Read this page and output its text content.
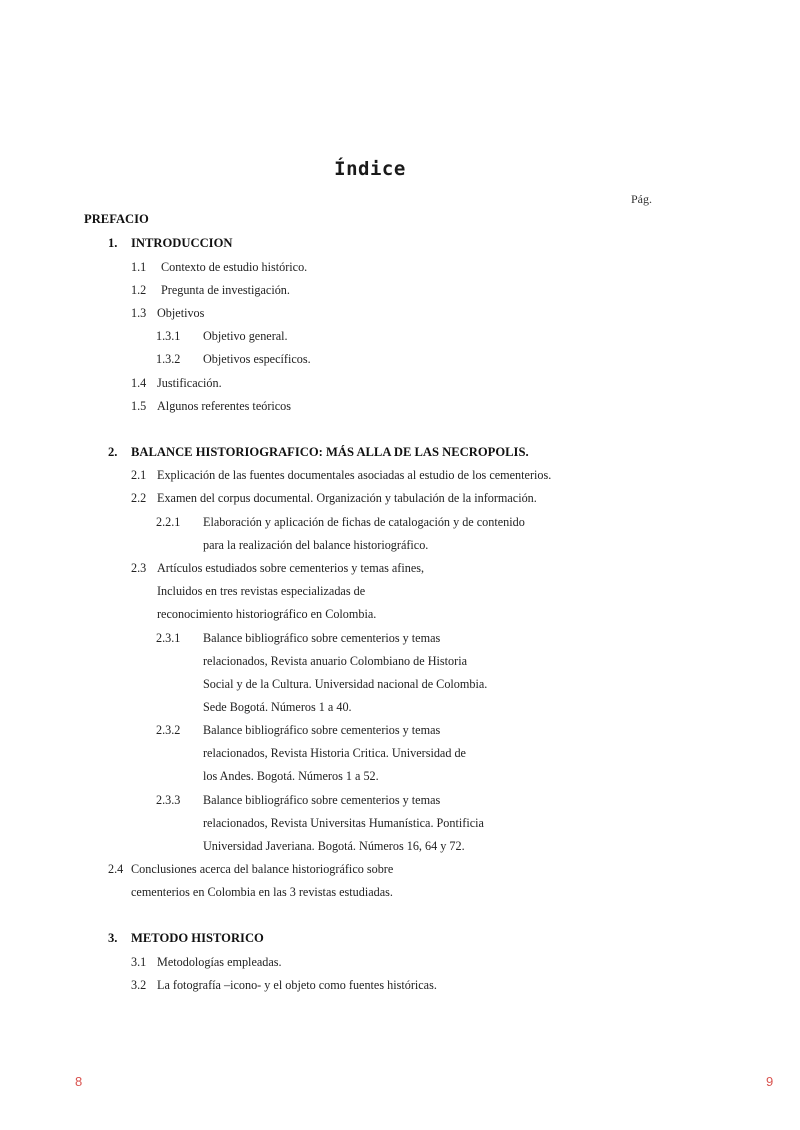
Índice
Pág.
PREFACIO
1. INTRODUCCION
1.1 Contexto de estudio histórico.
1.2 Pregunta de investigación.
1.3 Objetivos
1.3.1 Objetivo general.
1.3.2 Objetivos específicos.
1.4 Justificación.
1.5 Algunos referentes teóricos
2. BALANCE HISTORIOGRAFICO: MÁS ALLA DE LAS NECROPOLIS.
2.1 Explicación de las fuentes documentales asociadas al estudio de los cementerios.
2.2 Examen del corpus documental. Organización y tabulación de la información.
2.2.1 Elaboración y aplicación de fichas de catalogación y de contenido
para la realización del balance historiográfico.
2.3 Artículos estudiados sobre cementerios y temas afines,
Incluidos en tres revistas especializadas de
reconocimiento historiográfico en Colombia.
2.3.1 Balance bibliográfico sobre cementerios y temas
relacionados, Revista anuario Colombiano de Historia
Social y de la Cultura. Universidad nacional de Colombia.
Sede Bogotá. Números 1 a 40.
2.3.2 Balance bibliográfico sobre cementerios y temas
relacionados, Revista Historia Critica. Universidad de
los Andes. Bogotá. Números 1 a 52.
2.3.3 Balance bibliográfico sobre cementerios y temas
relacionados, Revista Universitas Humanística. Pontificia
Universidad Javeriana. Bogotá. Números 16, 64 y 72.
2.4 Conclusiones acerca del balance historiográfico sobre
cementerios en Colombia en las 3 revistas estudiadas.
3. METODO HISTORICO
3.1 Metodologías empleadas.
3.2 La fotografía –icono- y el objeto como fuentes históricas.
8	9
